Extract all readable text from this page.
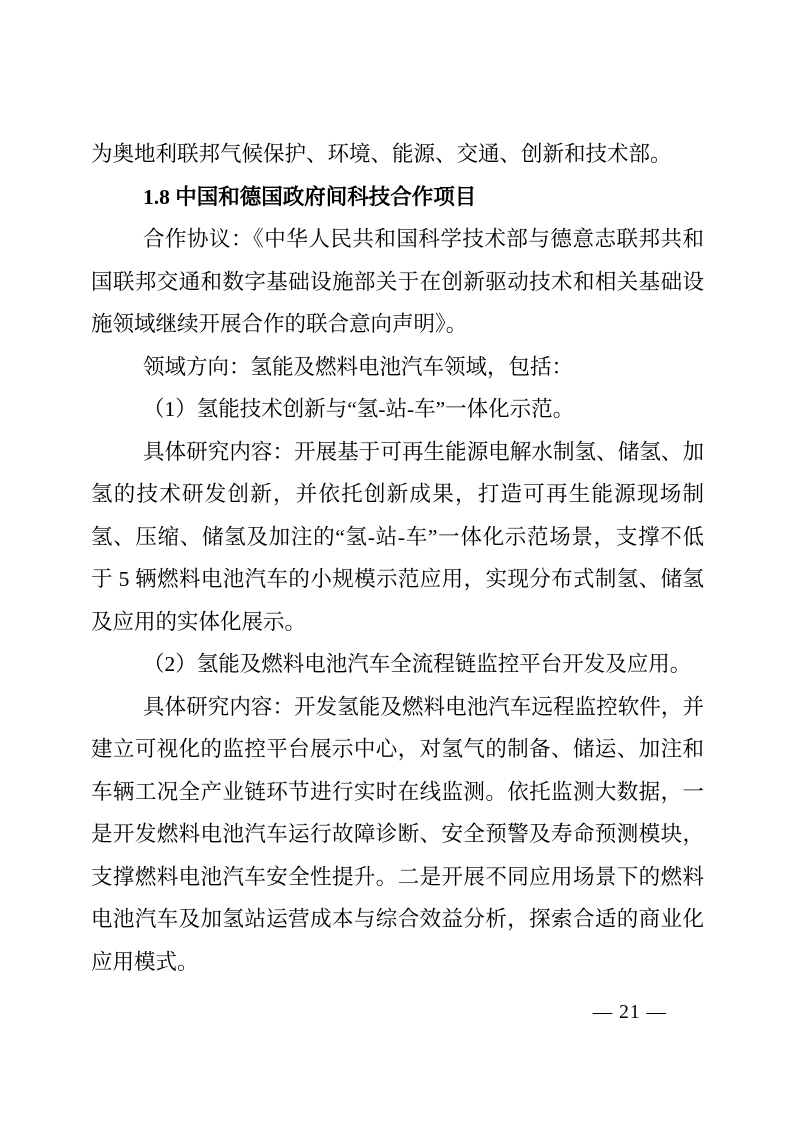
为奥地利联邦气候保护、环境、能源、交通、创新和技术部。

1.8 中国和德国政府间科技合作项目

合作协议：《中华人民共和国科学技术部与德意志联邦共和国联邦交通和数字基础设施部关于在创新驱动技术和相关基础设施领域继续开展合作的联合意向声明》。

领域方向：氢能及燃料电池汽车领域，包括：

（1）氢能技术创新与“氢-站-车”一体化示范。

具体研究内容：开展基于可再生能源电解水制氢、储氢、加氢的技术研发创新，并依托创新成果，打造可再生能源现场制氢、压缩、储氢及加注的“氢-站-车”一体化示范场景，支撑不低于 5 辆燃料电池汽车的小规模示范应用，实现分布式制氢、储氢及应用的实体化展示。

（2）氢能及燃料电池汽车全流程链监控平台开发及应用。

具体研究内容：开发氢能及燃料电池汽车远程监控软件，并建立可视化的监控平台展示中心，对氢气的制备、储运、加注和车辆工况全产业链环节进行实时在线监测。依托监测大数据，一是开发燃料电池汽车运行故障诊断、安全预警及寿命预测模块，支撑燃料电池汽车安全性提升。二是开展不同应用场景下的燃料电池汽车及加氢站运营成本与综合效益分析，探索合适的商业化应用模式。

— 21 —
